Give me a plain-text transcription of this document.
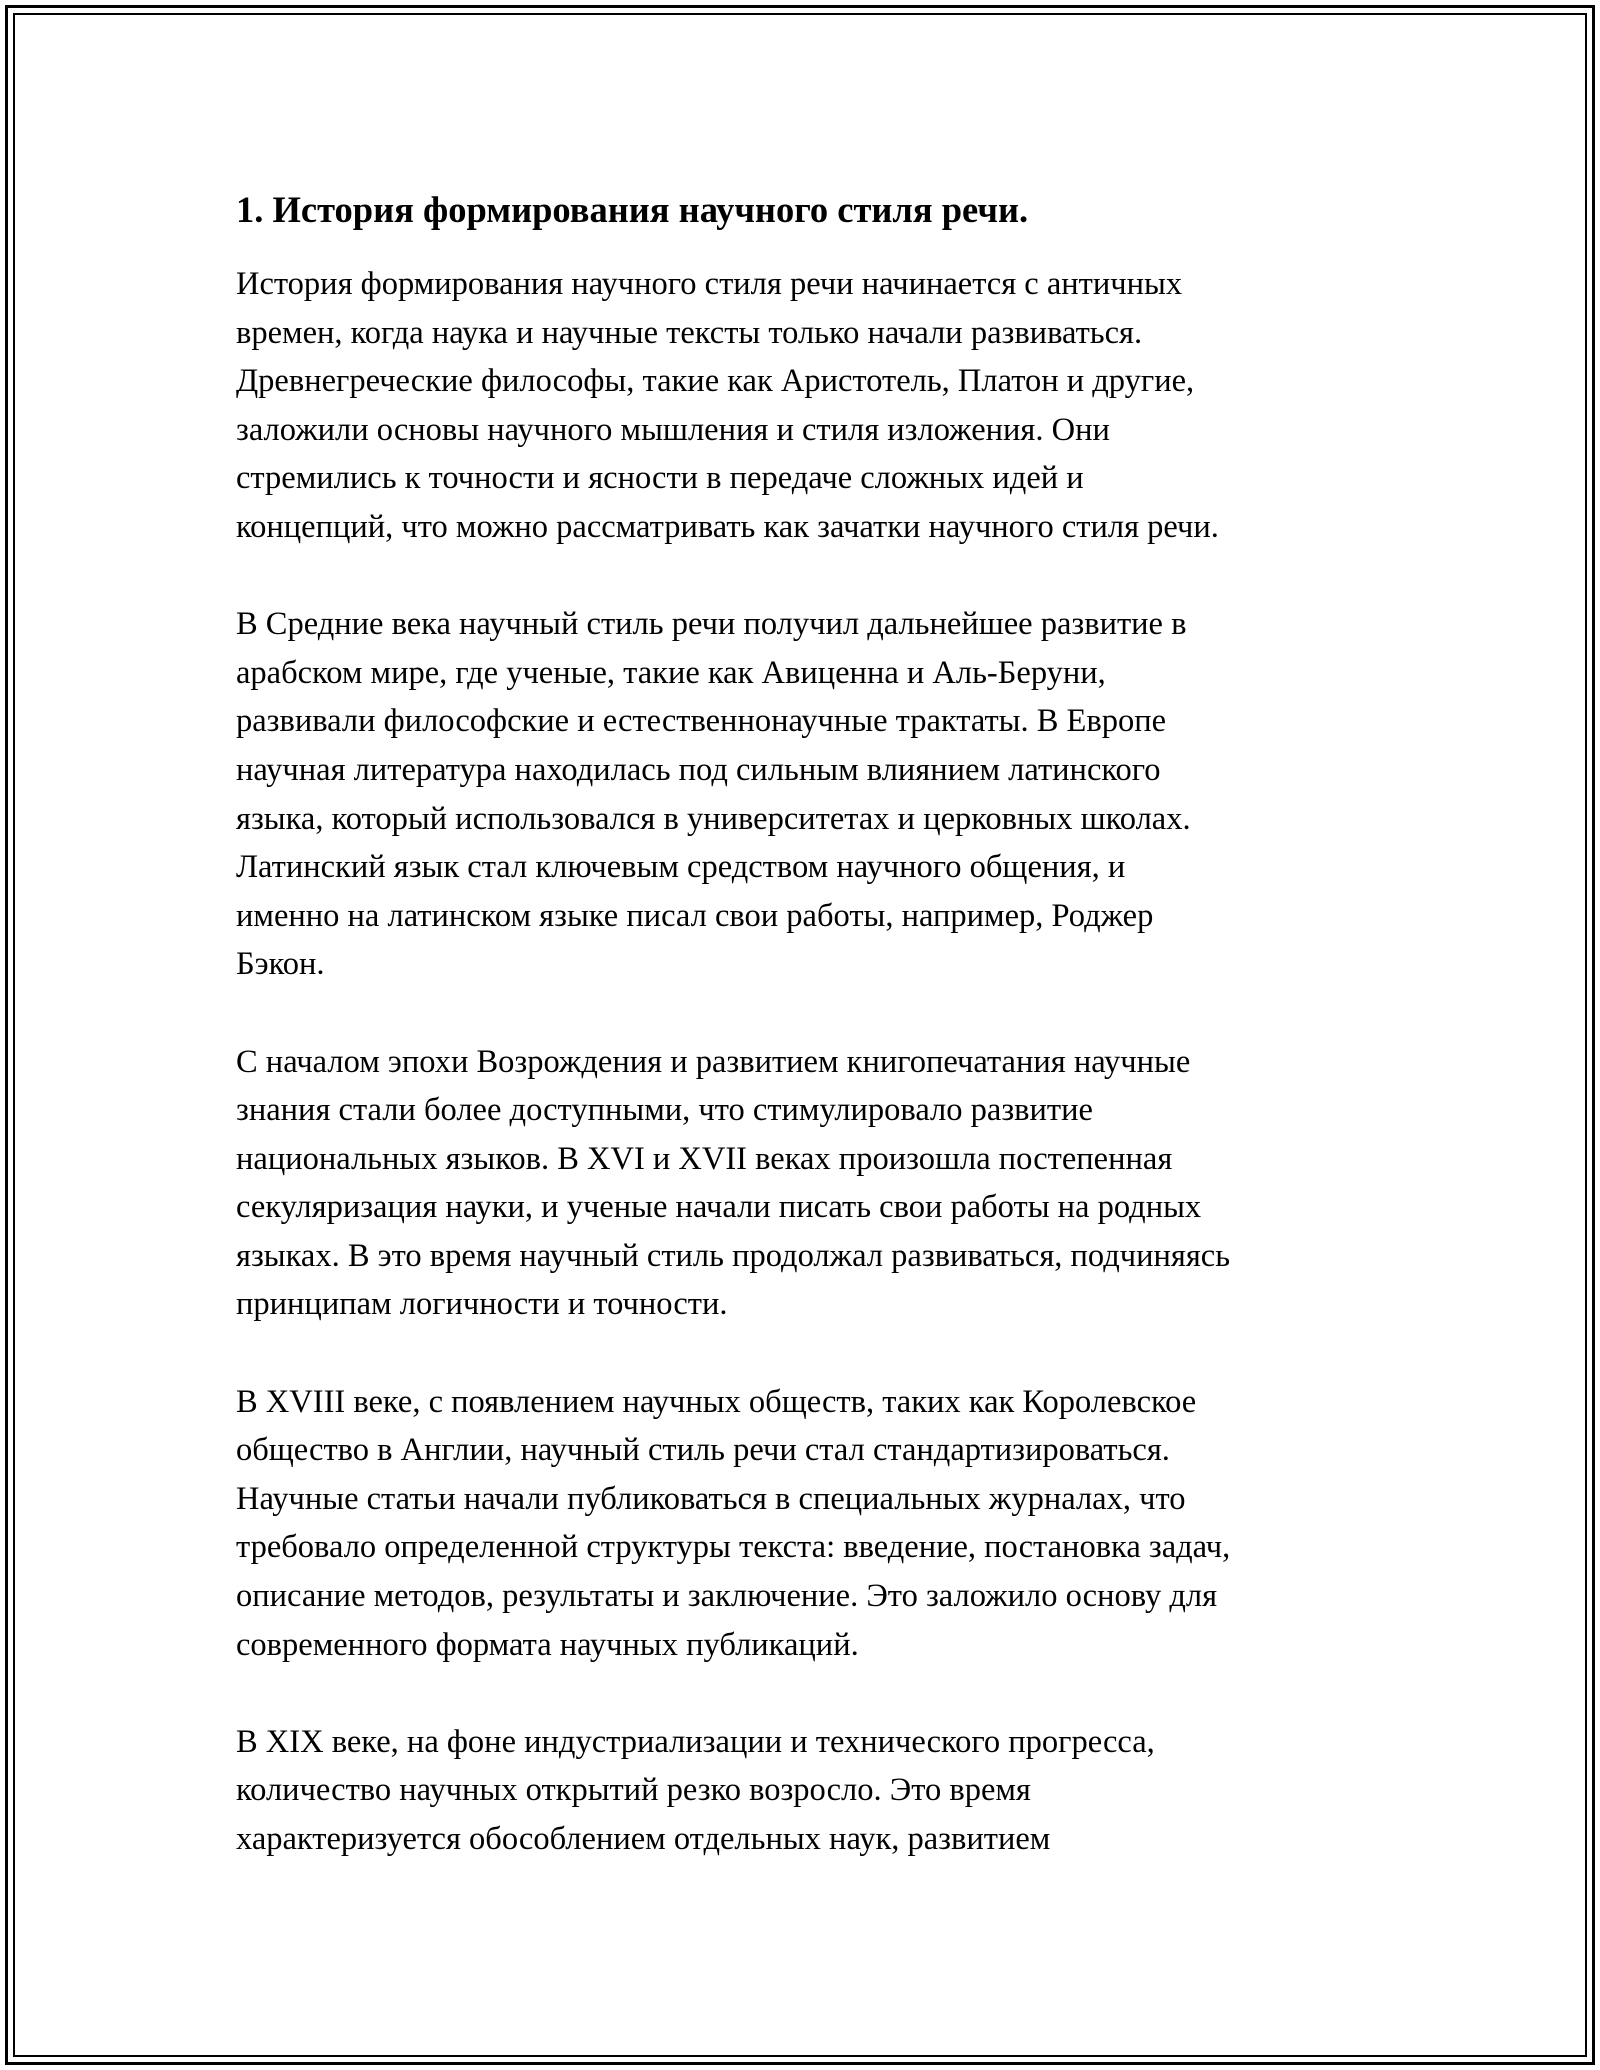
1. История формирования научного стиля речи.
История формирования научного стиля речи начинается с античных
времен, когда наука и научные тексты только начали развиваться.
Древнегреческие философы, такие как Аристотель, Платон и другие,
заложили основы научного мышления и стиля изложения. Они
стремились к точности и ясности в передаче сложных идей и
концепций, что можно рассматривать как зачатки научного стиля речи.
В Средние века научный стиль речи получил дальнейшее развитие в
арабском мире, где ученые, такие как Авиценна и Аль-Беруни,
развивали философские и естественнонаучные трактаты. В Европе
научная литература находилась под сильным влиянием латинского
языка, который использовался в университетах и церковных школах.
Латинский язык стал ключевым средством научного общения, и
именно на латинском языке писал свои работы, например, Роджер
Бэкон.
С началом эпохи Возрождения и развитием книгопечатания научные
знания стали более доступными, что стимулировало развитие
национальных языков. В XVI и XVII веках произошла постепенная
секуляризация науки, и ученые начали писать свои работы на родных
языках. В это время научный стиль продолжал развиваться, подчиняясь
принципам логичности и точности.
В XVIII веке, с появлением научных обществ, таких как Королевское
общество в Англии, научный стиль речи стал стандартизироваться.
Научные статьи начали публиковаться в специальных журналах, что
требовало определенной структуры текста: введение, постановка задач,
описание методов, результаты и заключение. Это заложило основу для
современного формата научных публикаций.
В XIX веке, на фоне индустриализации и технического прогресса,
количество научных открытий резко возросло. Это время
характеризуется обособлением отдельных наук, развитием
